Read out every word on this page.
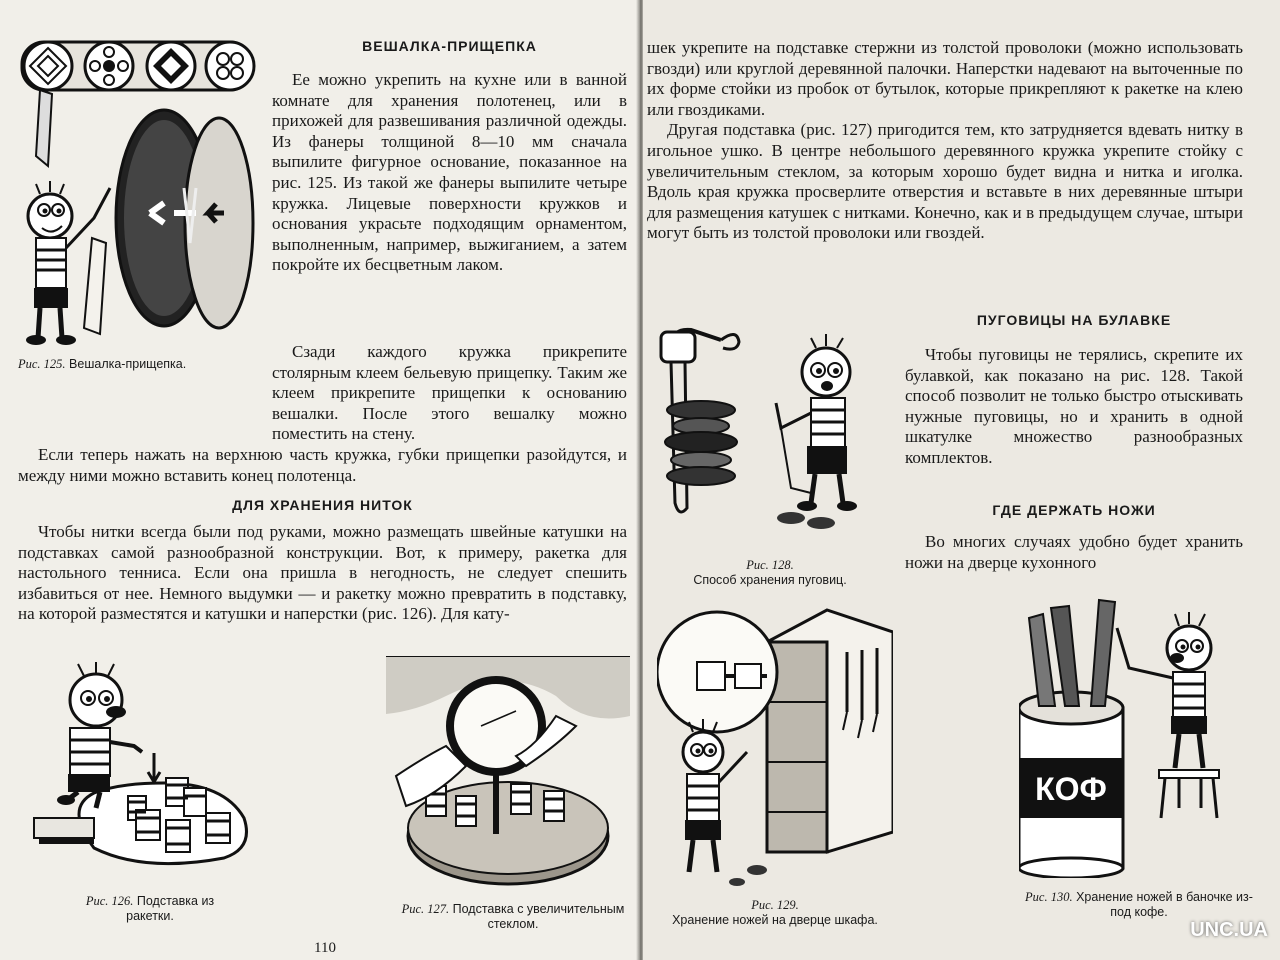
Рис. 125. Вешалка-прищепка.

ВЕШАЛКА-ПРИЩЕПКА

Ее можно укрепить на кухне или в ванной комнате для хранения полотенец, или в прихожей для развешивания различной одежды. Из фанеры толщиной 8—10 мм сначала выпилите фигурное основание, показанное на рис. 125. Из такой же фанеры выпилите четыре кружка. Лицевые поверхности кружков и основания украсьте подходящим орнаментом, выполненным, например, выжиганием, а затем покройте их бесцветным лаком.

Сзади каждого кружка прикрепите столярным клеем бельевую прищепку. Таким же клеем прикрепите прищепки к основанию вешалки. После этого вешалку можно поместить на стену.

Если теперь нажать на верхнюю часть кружка, губки прищепки разойдутся, и между ними можно вставить конец полотенца.

ДЛЯ ХРАНЕНИЯ НИТОК

Чтобы нитки всегда были под руками, можно размещать швейные катушки на подставках самой разнообразной конструкции. Вот, к примеру, ракетка для настольного тенниса. Если она пришла в негодность, не следует спешить избавиться от нее. Немного выдумки — и ракетку можно превратить в подставку, на которой разместятся и катушки и наперстки (рис. 126). Для кату-

Рис. 126. Подставка из ракетки.	Рис. 127. Подставка с увеличительным стеклом.

110

шек укрепите на подставке стержни из толстой проволоки (можно использовать гвозди) или круглой деревянной палочки. Наперстки надевают на выточенные по их форме стойки из пробок от бутылок, которые прикрепляют к ракетке на клею или гвоздиками.

Другая подставка (рис. 127) пригодится тем, кто затрудняется вдевать нитку в игольное ушко. В центре небольшого деревянного кружка укрепите стойку с увеличительным стеклом, за которым хорошо будет видна и нитка и иголка. Вдоль края кружка просверлите отверстия и вставьте в них деревянные штыри для размещения катушек с нитками. Конечно, как и в предыдущем случае, штыри могут быть из толстой проволоки или гвоздей.

Рис. 128.
Способ хранения пуговиц.

ПУГОВИЦЫ НА БУЛАВКЕ

Чтобы пуговицы не терялись, скрепите их булавкой, как показано на рис. 128. Такой способ позволит не только быстро отыскивать нужные пуговицы, но и хранить в одной шкатулке множество разнообразных комплектов.

ГДЕ ДЕРЖАТЬ НОЖИ

Во многих случаях удобно будет хранить ножи на дверце кухонного

Рис. 129.
Хранение ножей на дверце шкафа.

КОФ

Рис. 130. Хранение ножей в баночке из-под кофе.

UNC.UA
